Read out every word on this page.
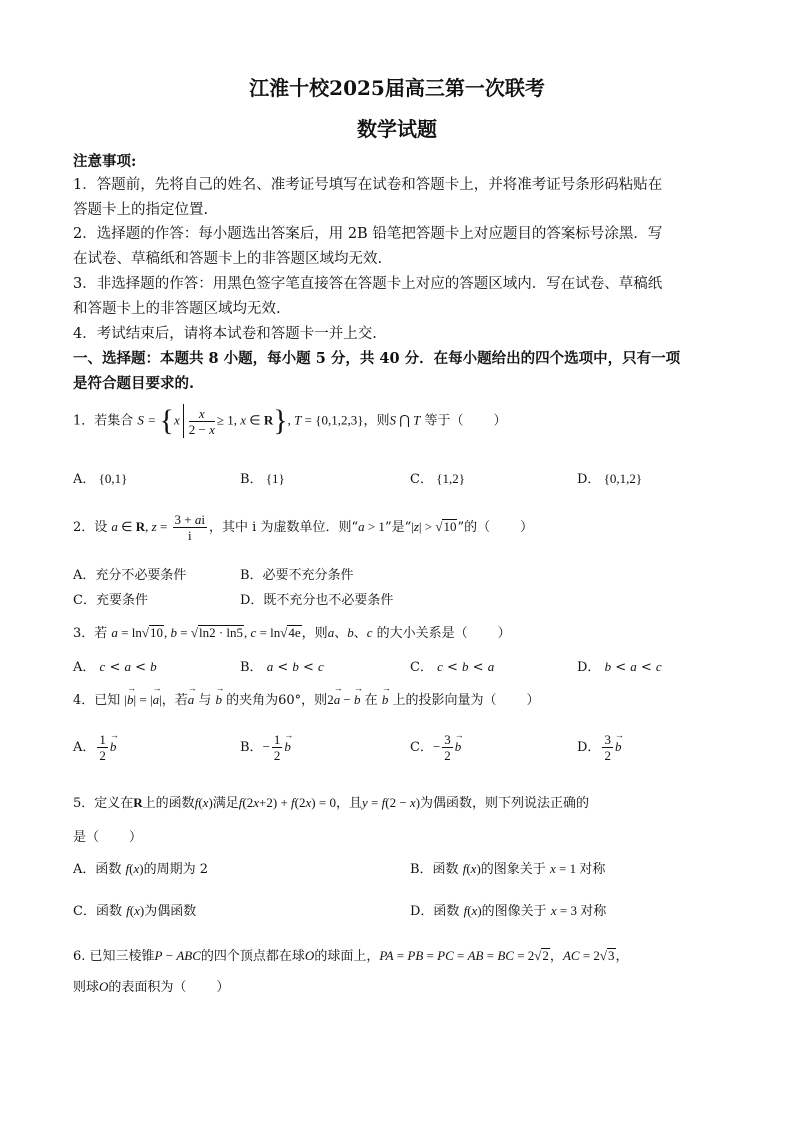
江淮十校2025届高三第一次联考
数学试题
注意事项:
1．答题前，先将自己的姓名、准考证号填写在试卷和答题卡上，并将准考证号条形码粘贴在
答题卡上的指定位置.
2．选择题的作答：每小题选出答案后，用 2B 铅笔把答题卡上对应题目的答案标号涂黑．写
在试卷、草稿纸和答题卡上的非答题区域均无效.
3．非选择题的作答：用黑色签字笔直接答在答题卡上对应的答题区域内．写在试卷、草稿纸
和答题卡上的非答题区域均无效.
4．考试结束后，请将本试卷和答题卡一并上交.
一、选择题：本题共 8 小题，每小题 5 分，共 40 分．在每小题给出的四个选项中，只有一项
是符合题目要求的.
1．若集合 $S = \{x \frac{x}{2 - x} \ge 1$, x ∈ R}, T = {0,1,2,3}，则S ⋂ T 等于（ ）
A． {0,1}	B． {1}	C． {1,2}	D． {0,1,2}
2．设 a ∈ R, $z = \frac{3 + ai}{i}$ ，其中 i 为虚数单位．则“a > 1”是“|z| > √10”的（ ）
A．充分不必要条件	B．必要不充分条件
C．充要条件	D．既不充分也不必要条件
3．若 a = ln√10, b = √ln2 · ln5, c = ln√4e，则a、b、c 的大小关系是（ ）
A． c < a < b	B． a < b < c	C． c < b < a	D． b < a < c
4．已知 |→ b| = |→ a|，若→ a 与 → b 的夹角为60°，则2→ a − → b 在 → b 上的投影向量为（ ）
A． $\frac{1}{2}$
→ b	B．− $\frac{1}{2}$
→ b	C．− $\frac{3}{2}$
→ b	D． $\frac{3}{2}$
→ b
5．定义在R上的函数f(x)满足f(2x+2) + f(2x) = 0，且y = f(2 − x)为偶函数，则下列说法正确的
是（ ）
A．函数 f(x)的周期为 2	B．函数 f(x)的图象关于 x = 1 对称
C．函数 f(x)为偶函数	D．函数 f(x)的图像关于 x = 3 对称
6. 已知三棱锥P − ABC的四个顶点都在球O的球面上，PA = PB = PC = AB = BC = 2√2，AC = 2√3，
则球O的表面积为（ ）
